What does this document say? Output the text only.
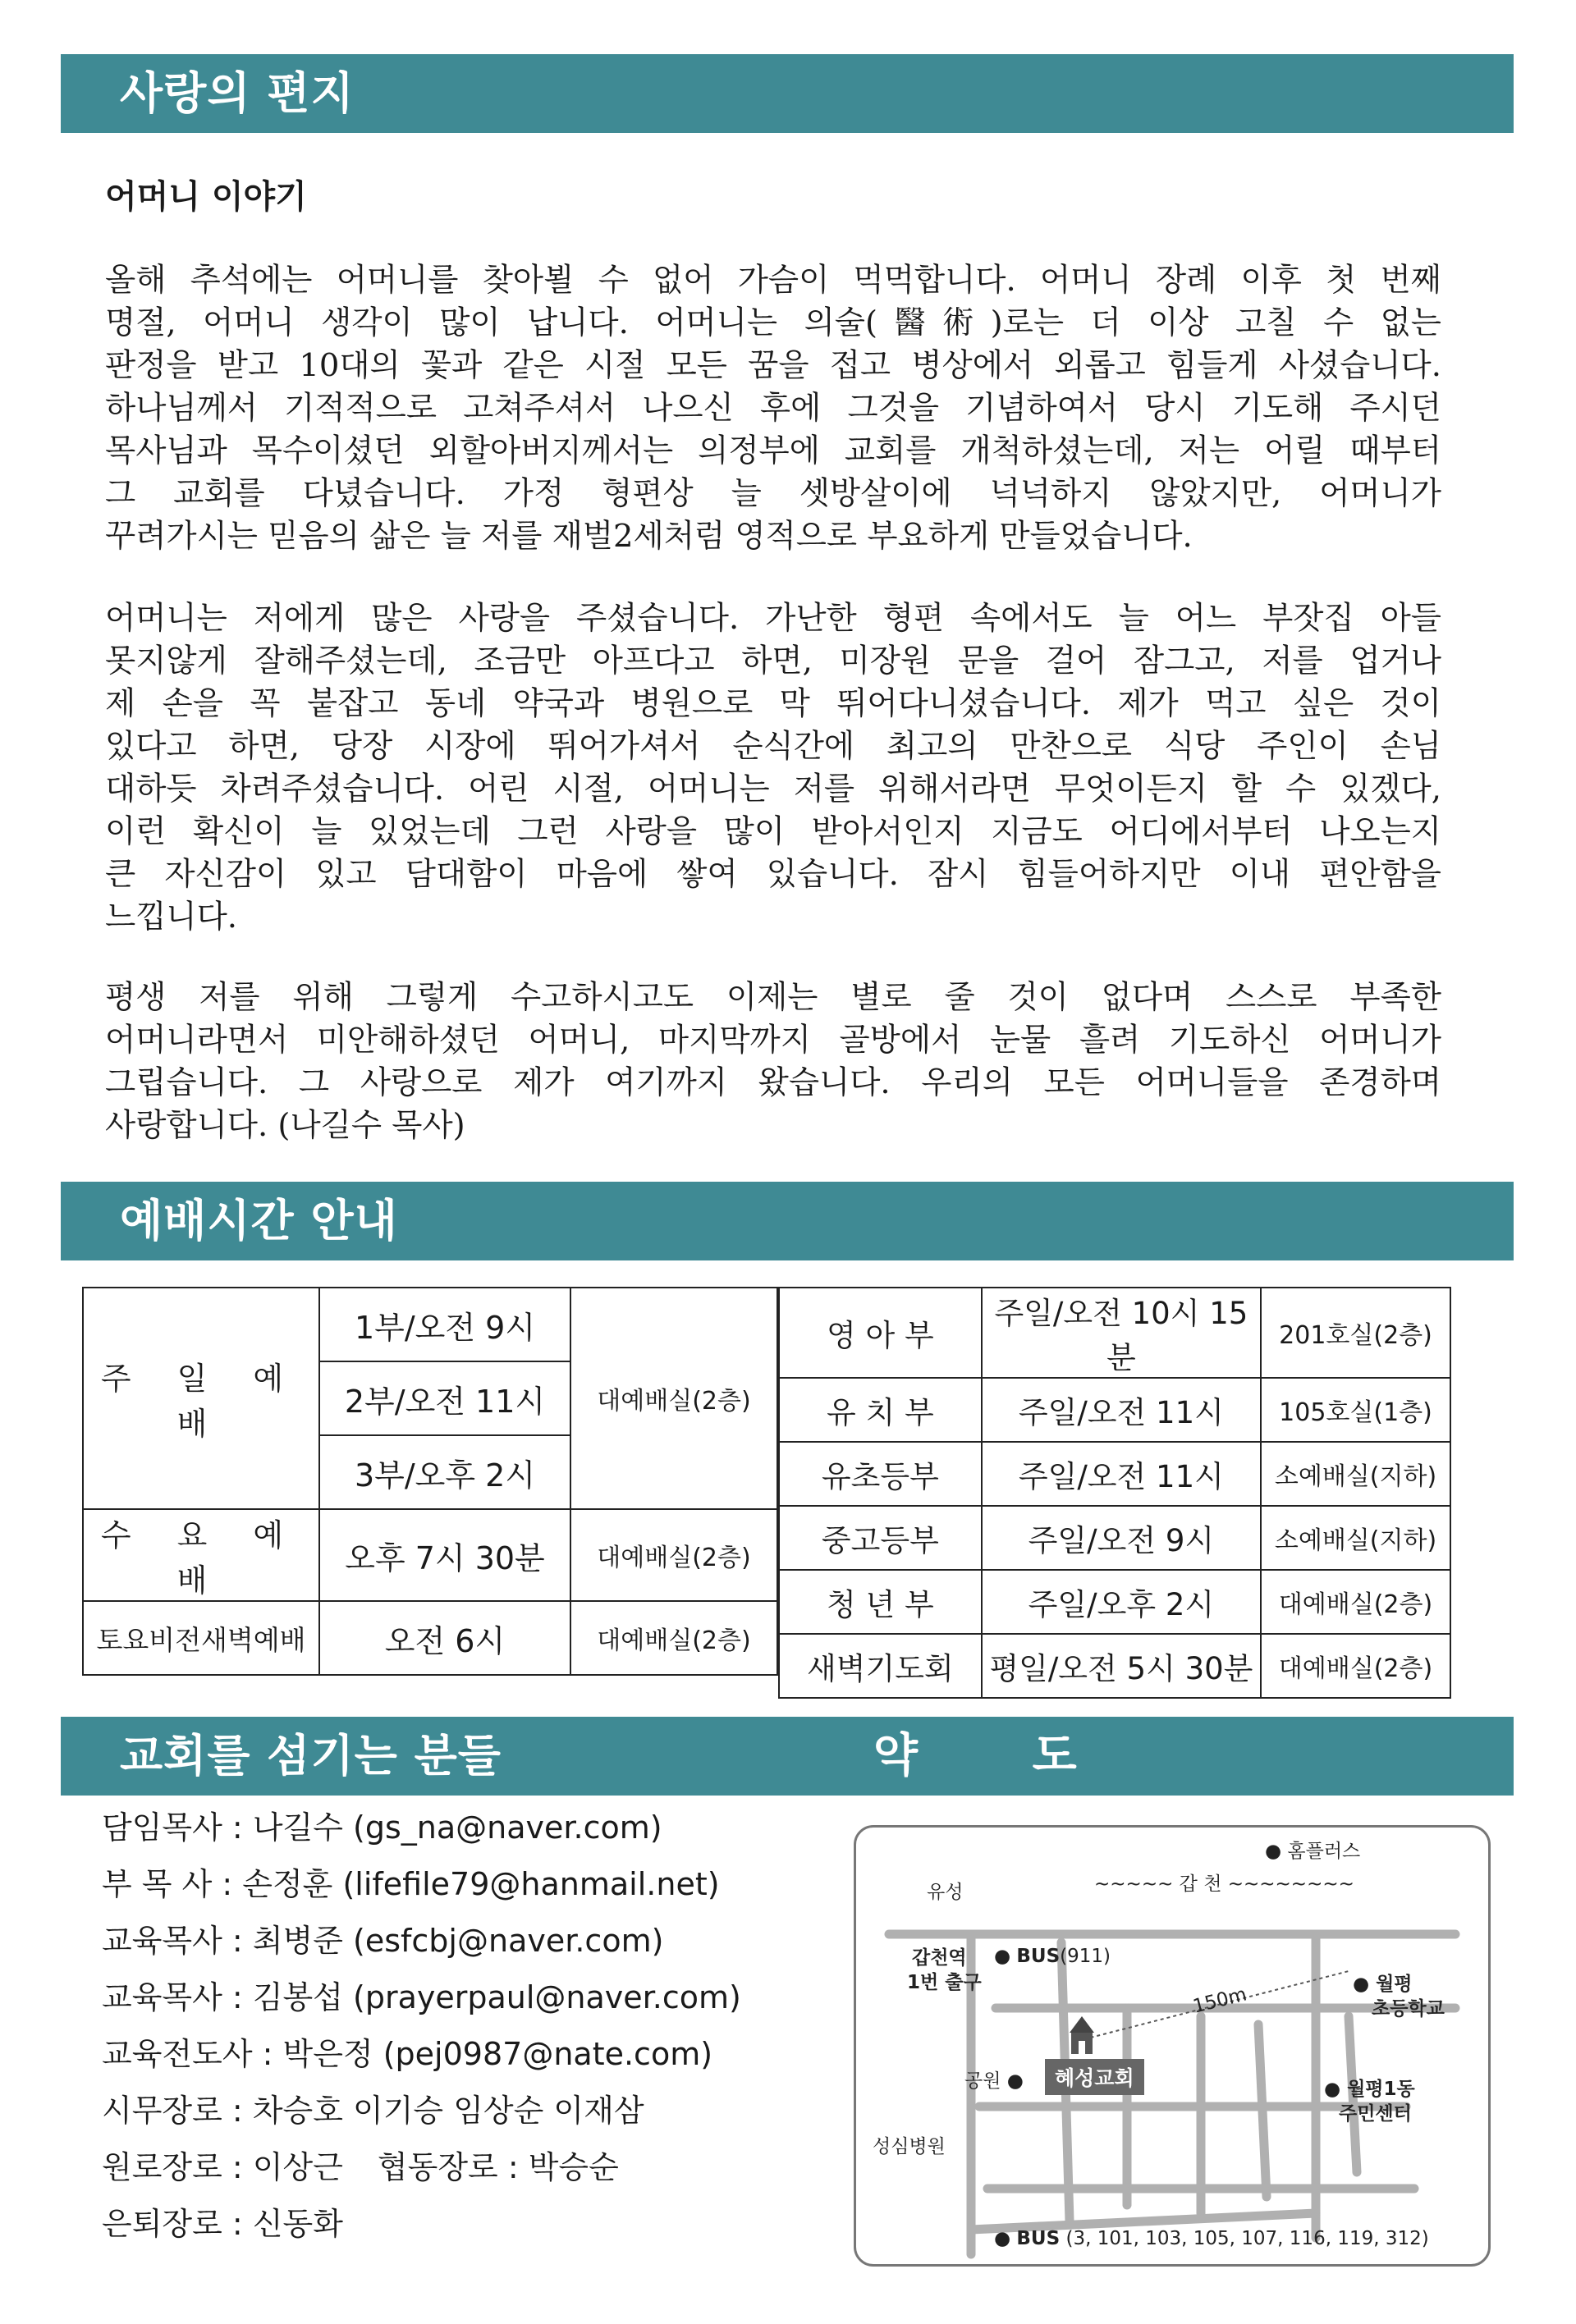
사랑의 편지
어머니 이야기
올해 추석에는 어머니를 찾아뵐 수 없어 가슴이 먹먹합니다. 어머니 장례 이후 첫 번째
명절, 어머니 생각이 많이 납니다. 어머니는 의술(醫術)로는 더 이상 고칠 수 없는
판정을 받고 10대의 꽃과 같은 시절 모든 꿈을 접고 병상에서 외롭고 힘들게 사셨습니다.
하나님께서 기적적으로 고쳐주셔서 나으신 후에 그것을 기념하여서 당시 기도해 주시던
목사님과 목수이셨던 외할아버지께서는 의정부에 교회를 개척하셨는데, 저는 어릴 때부터
그 교회를 다녔습니다. 가정 형편상 늘 셋방살이에 넉넉하지 않았지만, 어머니가
꾸려가시는 믿음의 삶은 늘 저를 재벌2세처럼 영적으로 부요하게 만들었습니다.
어머니는 저에게 많은 사랑을 주셨습니다. 가난한 형편 속에서도 늘 어느 부잣집 아들
못지않게 잘해주셨는데, 조금만 아프다고 하면, 미장원 문을 걸어 잠그고, 저를 업거나
제 손을 꼭 붙잡고 동네 약국과 병원으로 막 뛰어다니셨습니다. 제가 먹고 싶은 것이
있다고 하면, 당장 시장에 뛰어가셔서 순식간에 최고의 만찬으로 식당 주인이 손님
대하듯 차려주셨습니다. 어린 시절, 어머니는 저를 위해서라면 무엇이든지 할 수 있겠다,
이런 확신이 늘 있었는데 그런 사랑을 많이 받아서인지 지금도 어디에서부터 나오는지
큰 자신감이 있고 담대함이 마음에 쌓여 있습니다. 잠시 힘들어하지만 이내 편안함을
느낍니다.
평생 저를 위해 그렇게 수고하시고도 이제는 별로 줄 것이 없다며 스스로 부족한
어머니라면서 미안해하셨던 어머니, 마지막까지 골방에서 눈물 흘려 기도하신 어머니가
그립습니다. 그 사랑으로 제가 여기까지 왔습니다. 우리의 모든 어머니들을 존경하며
사랑합니다. (나길수 목사)
예배시간 안내
주 일 예 배	1부/오전 9시	대예배실(2층)
	2부/오전 11시	
	3부/오후 2시	
수 요 예 배	오후 7시 30분	대예배실(2층)
토요비전새벽예배	오전 6시	대예배실(2층)
영 아 부	주일/오전 10시 15분	201호실(2층)
유 치 부	주일/오전 11시	105호실(1층)
유초등부	주일/오전 11시	소예배실(지하)
중고등부	주일/오전 9시	소예배실(지하)
청 년 부	주일/오후 2시	대예배실(2층)
새벽기도회	평일/오전 5시 30분	대예배실(2층)
교회를 섬기는 분들	약 도
담임목사 : 나길수 (gs_na@naver.com)
부 목 사 : 손정훈 (lifefile79@hanmail.net)
교육목사 : 최병준 (esfcbj@naver.com)
교육목사 : 김봉섭 (prayerpaul@naver.com)
교육전도사 : 박은정 (pej0987@nate.com)
시무장로 : 차승호 이기승 임상순 이재삼
원로장로 : 이상근 협동장로 : 박승순
은퇴장로 : 신동화
● 홈플러스
유성	~~~~~ 갑 천 ~~~~~~~~
갑천역
1번 출구
● BUS(911)
● 월평
초등학교
150m
공원 ●	혜성교회	● 월평1동
주민센터
성심병원
● BUS (3, 101, 103, 105, 107, 116, 119, 312)
